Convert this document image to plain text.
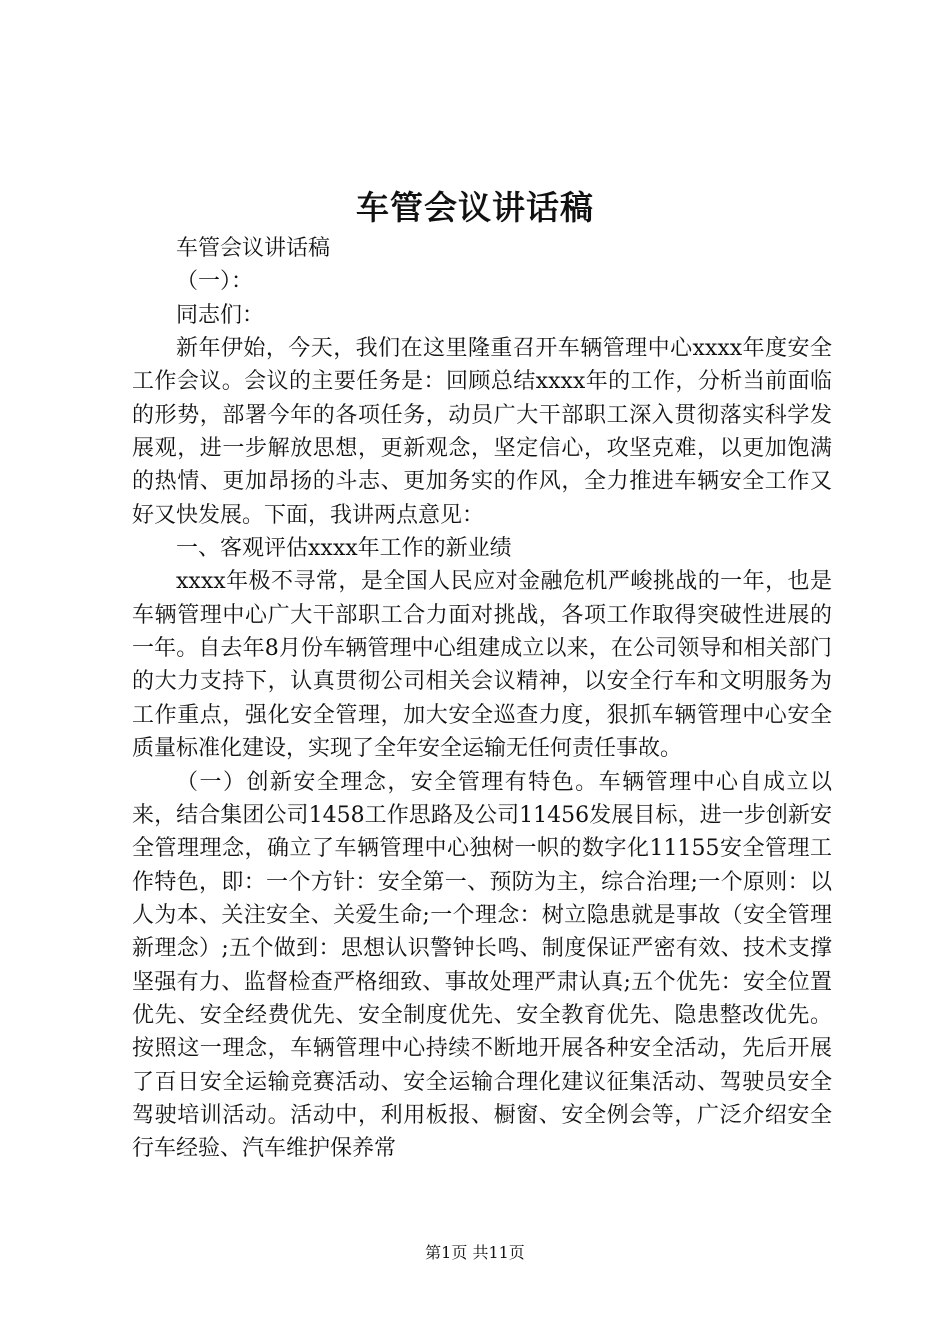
车管会议讲话稿

车管会议讲话稿

（一）：

同志们：

新年伊始，今天，我们在这里隆重召开车辆管理中心xxxx年度安全工作会议。会议的主要任务是：回顾总结xxxx年的工作，分析当前面临的形势，部署今年的各项任务，动员广大干部职工深入贯彻落实科学发展观，进一步解放思想，更新观念，坚定信心，攻坚克难，以更加饱满的热情、更加昂扬的斗志、更加务实的作风，全力推进车辆安全工作又好又快发展。下面，我讲两点意见：

一、客观评估xxxx年工作的新业绩

xxxx年极不寻常，是全国人民应对金融危机严峻挑战的一年，也是车辆管理中心广大干部职工合力面对挑战，各项工作取得突破性进展的一年。自去年8月份车辆管理中心组建成立以来，在公司领导和相关部门的大力支持下，认真贯彻公司相关会议精神，以安全行车和文明服务为工作重点，强化安全管理，加大安全巡查力度，狠抓车辆管理中心安全质量标准化建设，实现了全年安全运输无任何责任事故。

（一）创新安全理念，安全管理有特色。车辆管理中心自成立以来，结合集团公司1458工作思路及公司11456发展目标，进一步创新安全管理理念，确立了车辆管理中心独树一帜的数字化11155安全管理工作特色，即：一个方针：安全第一、预防为主，综合治理;一个原则：以人为本、关注安全、关爱生命;一个理念：树立隐患就是事故（安全管理新理念）;五个做到：思想认识警钟长鸣、制度保证严密有效、技术支撑坚强有力、监督检查严格细致、事故处理严肃认真;五个优先：安全位置优先、安全经费优先、安全制度优先、安全教育优先、隐患整改优先。按照这一理念，车辆管理中心持续不断地开展各种安全活动，先后开展了百日安全运输竞赛活动、安全运输合理化建议征集活动、驾驶员安全驾驶培训活动。活动中，利用板报、橱窗、安全例会等，广泛介绍安全行车经验、汽车维护保养常

第1页 共11页
